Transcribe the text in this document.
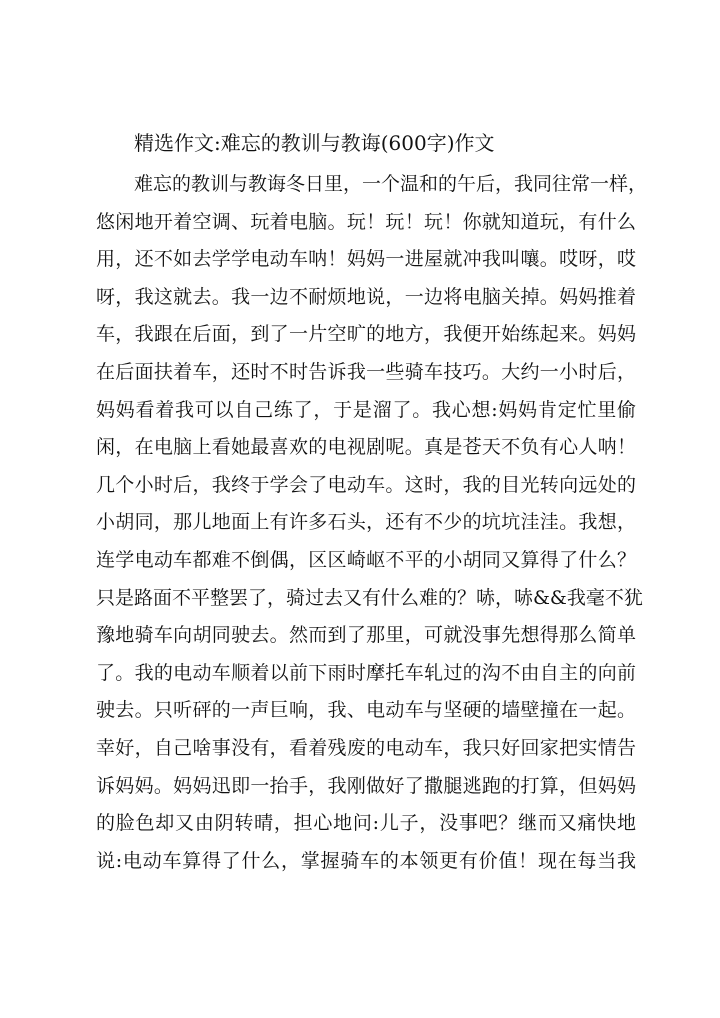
精选作文:难忘的教训与教诲(600字)作文
难忘的教训与教诲冬日里，一个温和的午后，我同往常一样，
悠闲地开着空调、玩着电脑。玩！玩！玩！你就知道玩，有什么
用，还不如去学学电动车呐！妈妈一进屋就冲我叫嚷。哎呀，哎
呀，我这就去。我一边不耐烦地说，一边将电脑关掉。妈妈推着
车，我跟在后面，到了一片空旷的地方，我便开始练起来。妈妈
在后面扶着车，还时不时告诉我一些骑车技巧。大约一小时后，
妈妈看着我可以自己练了，于是溜了。我心想:妈妈肯定忙里偷
闲，在电脑上看她最喜欢的电视剧呢。真是苍天不负有心人呐！
几个小时后，我终于学会了电动车。这时，我的目光转向远处的
小胡同，那儿地面上有许多石头，还有不少的坑坑洼洼。我想，
连学电动车都难不倒偶，区区崎岖不平的小胡同又算得了什么？
只是路面不平整罢了，骑过去又有什么难的？哧，哧&&我毫不犹
豫地骑车向胡同驶去。然而到了那里，可就没事先想得那么简单
了。我的电动车顺着以前下雨时摩托车轧过的沟不由自主的向前
驶去。只听砰的一声巨响，我、电动车与坚硬的墙壁撞在一起。
幸好，自己啥事没有，看着残废的电动车，我只好回家把实情告
诉妈妈。妈妈迅即一抬手，我刚做好了撒腿逃跑的打算，但妈妈
的脸色却又由阴转晴，担心地问:儿子，没事吧？继而又痛快地
说:电动车算得了什么，掌握骑车的本领更有价值！现在每当我
